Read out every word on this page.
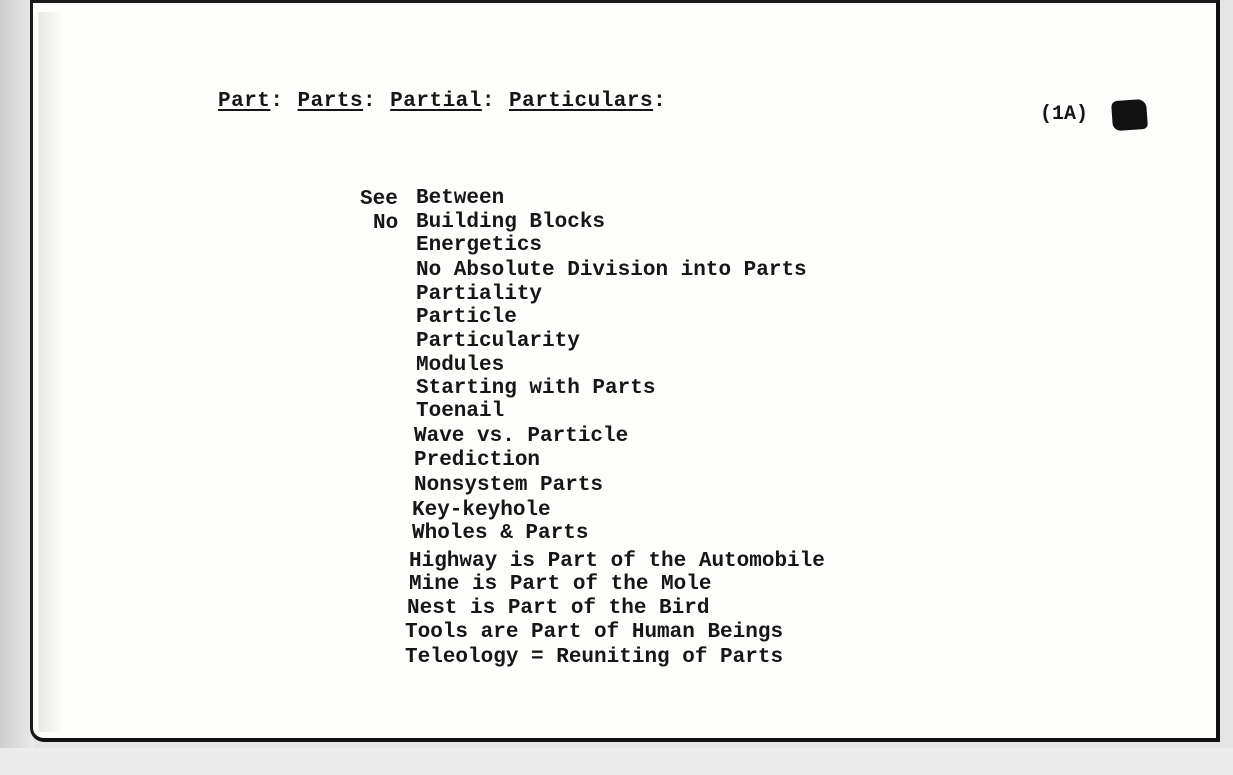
Part: Parts: Partial: Particulars:
(1A)
See
No
Between
Building Blocks
Energetics
No Absolute Division into Parts
Partiality
Particle
Particularity
Modules
Starting with Parts
Toenail
Wave vs. Particle
Prediction
Nonsystem Parts
Key-keyhole
Wholes & Parts
Highway is Part of the Automobile
Mine is Part of the Mole
Nest is Part of the Bird
Tools are Part of Human Beings
Teleology = Reuniting of Parts
